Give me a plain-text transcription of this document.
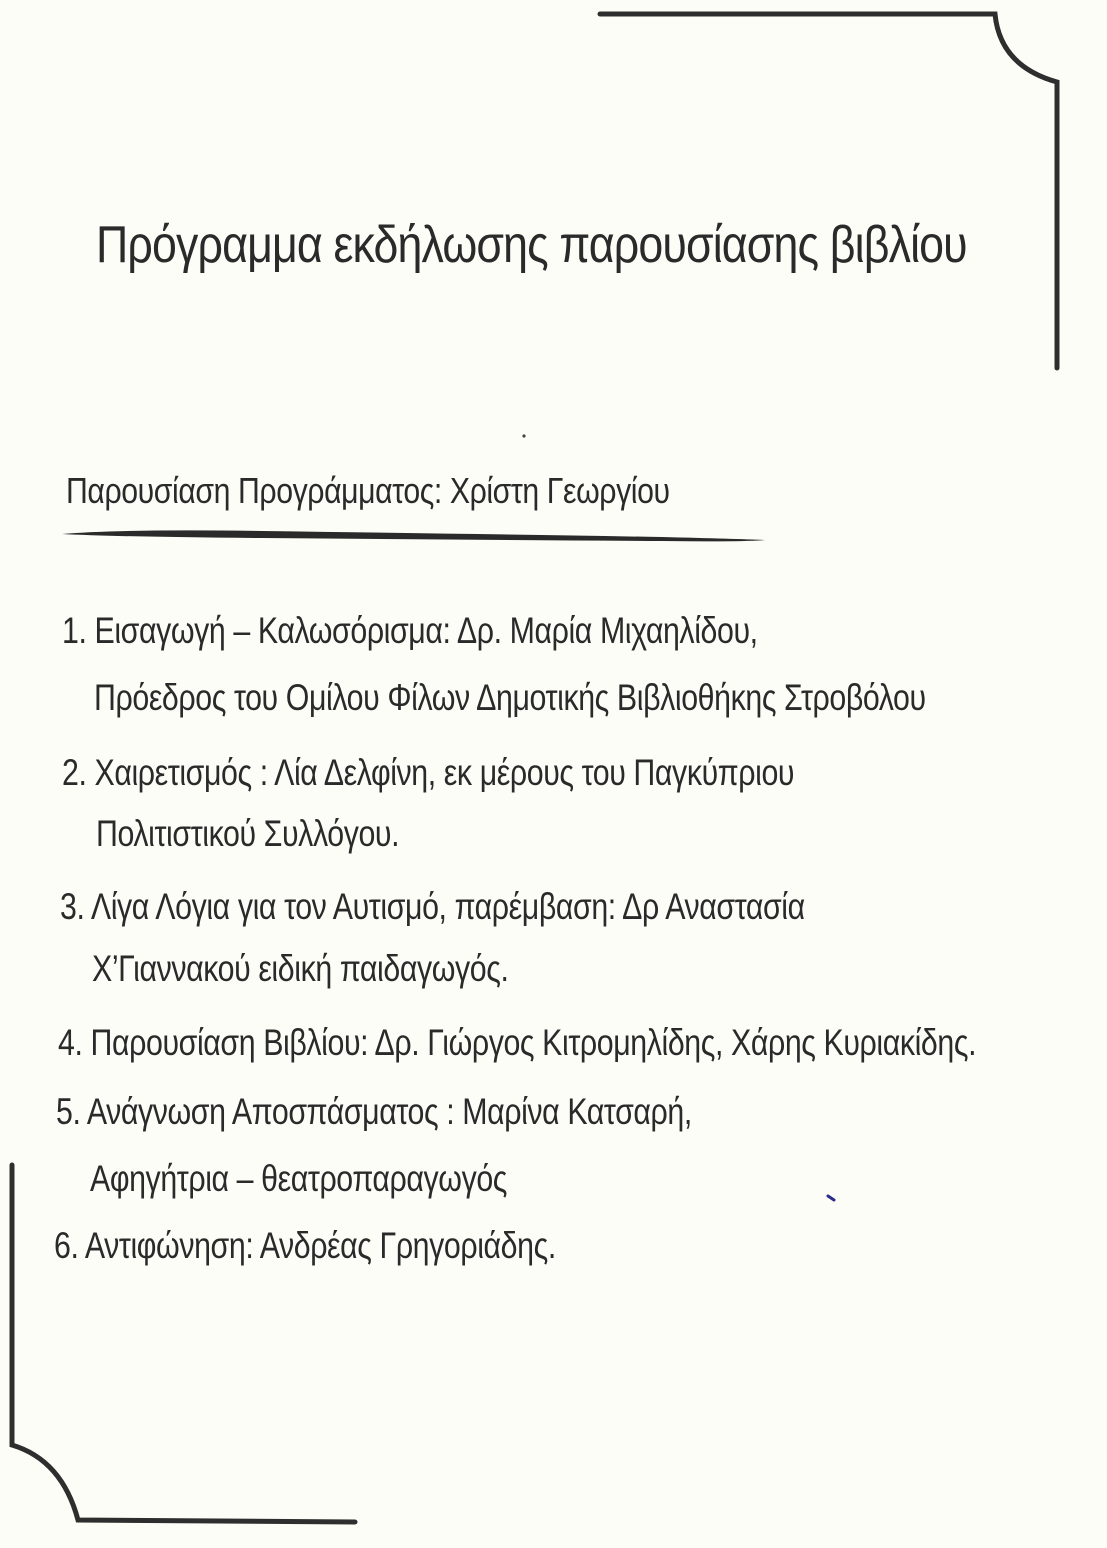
Πρόγραμμα εκδήλωσης παρουσίασης βιβλίου
Παρουσίαση Προγράμματος: Χρίστη Γεωργίου
1. Εισαγωγή – Καλωσόρισμα: Δρ. Μαρία Μιχαηλίδου,
Πρόεδρος του Ομίλου Φίλων Δημοτικής Βιβλιοθήκης Στροβόλου
2. Χαιρετισμός : Λία Δελφίνη, εκ μέρους του Παγκύπριου
Πολιτιστικού Συλλόγου.
3. Λίγα Λόγια για τον Αυτισμό, παρέμβαση: Δρ Αναστασία
Χ’Γιαννακού ειδική παιδαγωγός.
4. Παρουσίαση Βιβλίου: Δρ. Γιώργος Κιτρομηλίδης, Χάρης Κυριακίδης.
5. Ανάγνωση Αποσπάσματος : Μαρίνα Κατσαρή,
Αφηγήτρια – θεατροπαραγωγός
6. Αντιφώνηση: Ανδρέας Γρηγοριάδης.
